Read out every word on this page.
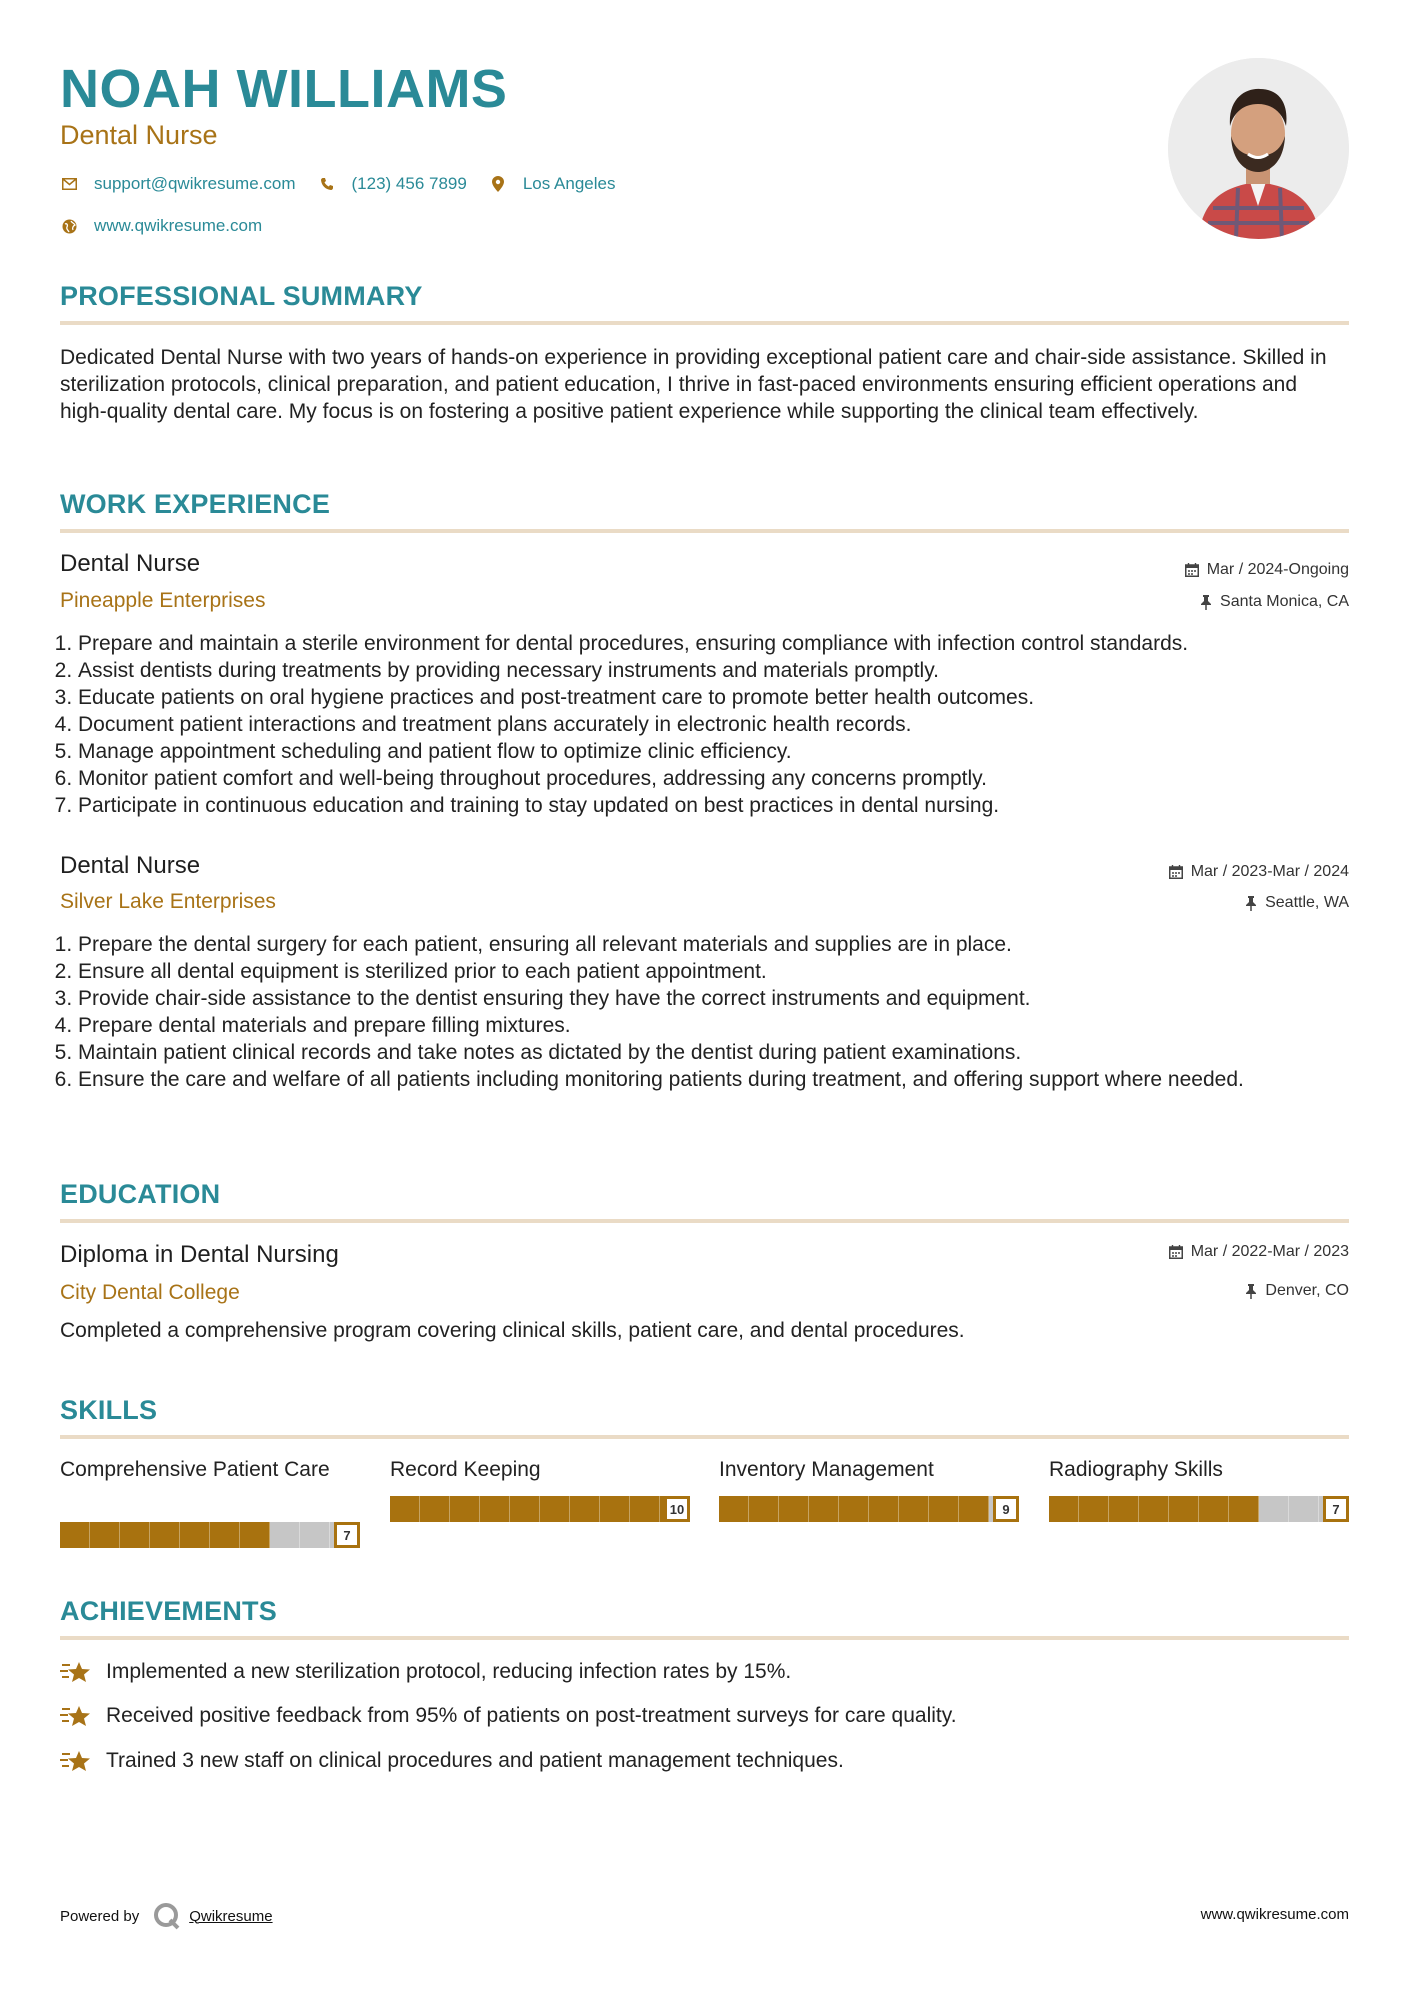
NOAH WILLIAMS
Dental Nurse
support@qwikresume.com	(123) 456 7899	Los Angeles
www.qwikresume.com
PROFESSIONAL SUMMARY
Dedicated Dental Nurse with two years of hands-on experience in providing exceptional patient care and chair-side assistance. Skilled in sterilization protocols, clinical preparation, and patient education, I thrive in fast-paced environments ensuring efficient operations and high-quality dental care. My focus is on fostering a positive patient experience while supporting the clinical team effectively.
WORK EXPERIENCE
Dental Nurse	Mar / 2024-Ongoing
Pineapple Enterprises	Santa Monica, CA
1. Prepare and maintain a sterile environment for dental procedures, ensuring compliance with infection control standards.
2. Assist dentists during treatments by providing necessary instruments and materials promptly.
3. Educate patients on oral hygiene practices and post-treatment care to promote better health outcomes.
4. Document patient interactions and treatment plans accurately in electronic health records.
5. Manage appointment scheduling and patient flow to optimize clinic efficiency.
6. Monitor patient comfort and well-being throughout procedures, addressing any concerns promptly.
7. Participate in continuous education and training to stay updated on best practices in dental nursing.
Dental Nurse	Mar / 2023-Mar / 2024
Silver Lake Enterprises	Seattle, WA
1. Prepare the dental surgery for each patient, ensuring all relevant materials and supplies are in place.
2. Ensure all dental equipment is sterilized prior to each patient appointment.
3. Provide chair-side assistance to the dentist ensuring they have the correct instruments and equipment.
4. Prepare dental materials and prepare filling mixtures.
5. Maintain patient clinical records and take notes as dictated by the dentist during patient examinations.
6. Ensure the care and welfare of all patients including monitoring patients during treatment, and offering support where needed.
EDUCATION
Diploma in Dental Nursing	Mar / 2022-Mar / 2023
City Dental College	Denver, CO
Completed a comprehensive program covering clinical skills, patient care, and dental procedures.
SKILLS
Comprehensive Patient Care
7
Record Keeping
10
Inventory Management
9
Radiography Skills
7
ACHIEVEMENTS
Implemented a new sterilization protocol, reducing infection rates by 15%.
Received positive feedback from 95% of patients on post-treatment surveys for care quality.
Trained 3 new staff on clinical procedures and patient management techniques.
Powered by	Qwikresume	www.qwikresume.com
